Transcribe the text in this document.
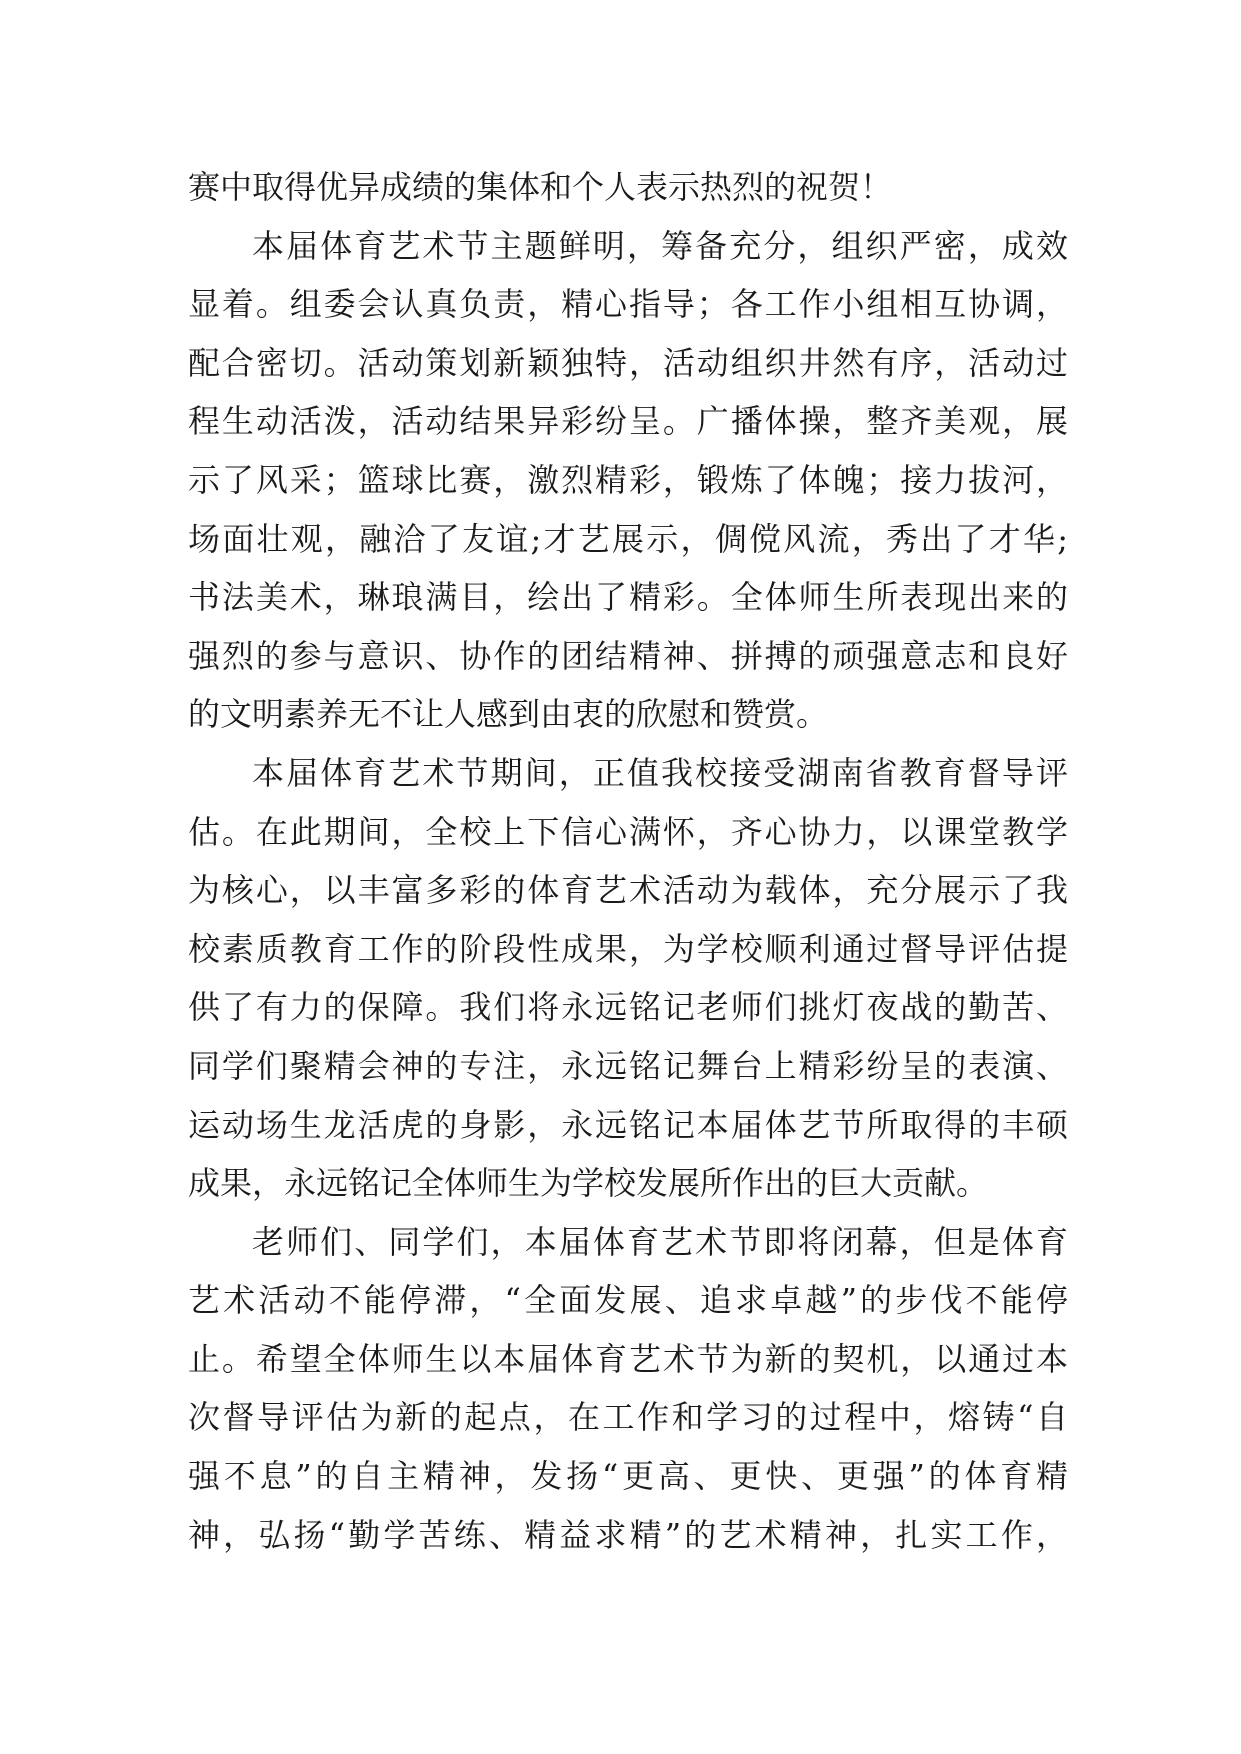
赛中取得优异成绩的集体和个人表示热烈的祝贺！
本届体育艺术节主题鲜明，筹备充分，组织严密，成效
显着。组委会认真负责，精心指导；各工作小组相互协调，
配合密切。活动策划新颖独特，活动组织井然有序，活动过
程生动活泼，活动结果异彩纷呈。广播体操，整齐美观，展
示了风采；篮球比赛，激烈精彩，锻炼了体魄；接力拔河，
场面壮观，融洽了友谊;才艺展示，倜傥风流，秀出了才华;
书法美术，琳琅满目，绘出了精彩。全体师生所表现出来的
强烈的参与意识、协作的团结精神、拼搏的顽强意志和良好
的文明素养无不让人感到由衷的欣慰和赞赏。
本届体育艺术节期间，正值我校接受湖南省教育督导评
估。在此期间，全校上下信心满怀，齐心协力，以课堂教学
为核心，以丰富多彩的体育艺术活动为载体，充分展示了我
校素质教育工作的阶段性成果，为学校顺利通过督导评估提
供了有力的保障。我们将永远铭记老师们挑灯夜战的勤苦、
同学们聚精会神的专注，永远铭记舞台上精彩纷呈的表演、
运动场生龙活虎的身影，永远铭记本届体艺节所取得的丰硕
成果，永远铭记全体师生为学校发展所作出的巨大贡献。
老师们、同学们，本届体育艺术节即将闭幕，但是体育
艺术活动不能停滞，“全面发展、追求卓越”的步伐不能停
止。希望全体师生以本届体育艺术节为新的契机，以通过本
次督导评估为新的起点，在工作和学习的过程中，熔铸“自
强不息”的自主精神，发扬“更高、更快、更强”的体育精
神，弘扬“勤学苦练、精益求精”的艺术精神，扎实工作，
